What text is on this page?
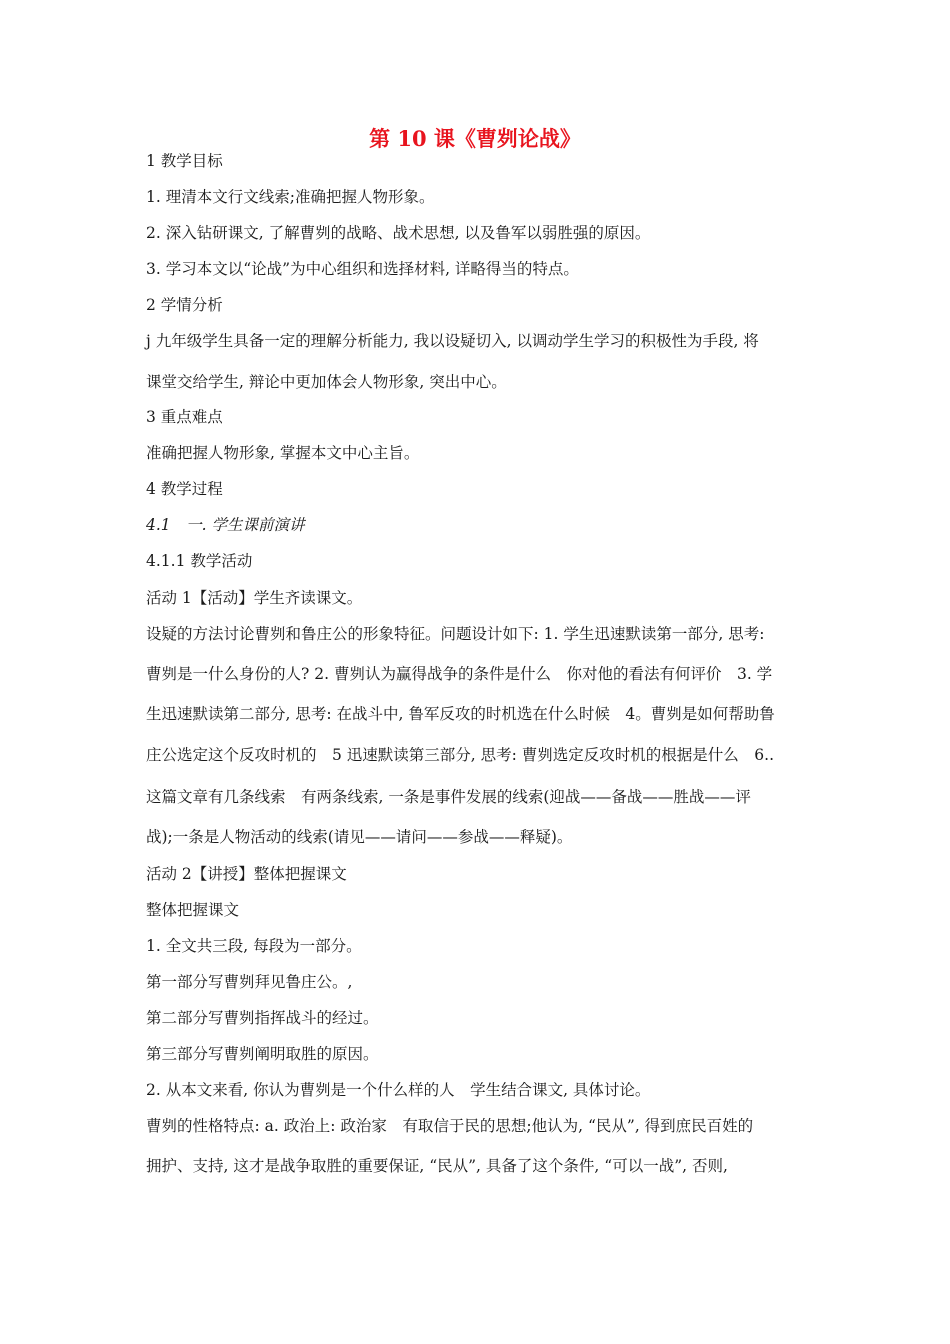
第 10 课《曹刿论战》
1 教学目标
1. 理清本文行文线索;准确把握人物形象。
2. 深入钻研课文, 了解曹刿的战略、战术思想, 以及鲁军以弱胜强的原因。
3. 学习本文以“论战”为中心组织和选择材料, 详略得当的特点。
2 学情分析
j 九年级学生具备一定的理解分析能力, 我以设疑切入, 以调动学生学习的积极性为手段, 将
课堂交给学生, 辩论中更加体会人物形象, 突出中心。
3 重点难点
准确把握人物形象, 掌握本文中心主旨。
4 教学过程
4.1　一. 学生课前演讲
4.1.1 教学活动
活动 1【活动】学生齐读课文。
设疑的方法讨论曹刿和鲁庄公的形象特征。问题设计如下: 1. 学生迅速默读第一部分, 思考:
曹刿是一什么身份的人? 2. 曹刿认为赢得战争的条件是什么　你对他的看法有何评价　3. 学
生迅速默读第二部分, 思考: 在战斗中, 鲁军反攻的时机选在什么时候　4。曹刿是如何帮助鲁
庄公选定这个反攻时机的　5 迅速默读第三部分, 思考: 曹刿选定反攻时机的根据是什么　6..
这篇文章有几条线索　有两条线索, 一条是事件发展的线索(迎战——备战——胜战——评
战);一条是人物活动的线索(请见——请问——参战——释疑)。
活动 2【讲授】整体把握课文
整体把握课文
1. 全文共三段, 每段为一部分。
第一部分写曹刿拜见鲁庄公。,
第二部分写曹刿指挥战斗的经过。
第三部分写曹刿阐明取胜的原因。
2. 从本文来看, 你认为曹刿是一个什么样的人　学生结合课文, 具体讨论。
曹刿的性格特点: a. 政治上: 政治家　有取信于民的思想;他认为, “民从”, 得到庶民百姓的
拥护、支持, 这才是战争取胜的重要保证, “民从”, 具备了这个条件, “可以一战”, 否则,
